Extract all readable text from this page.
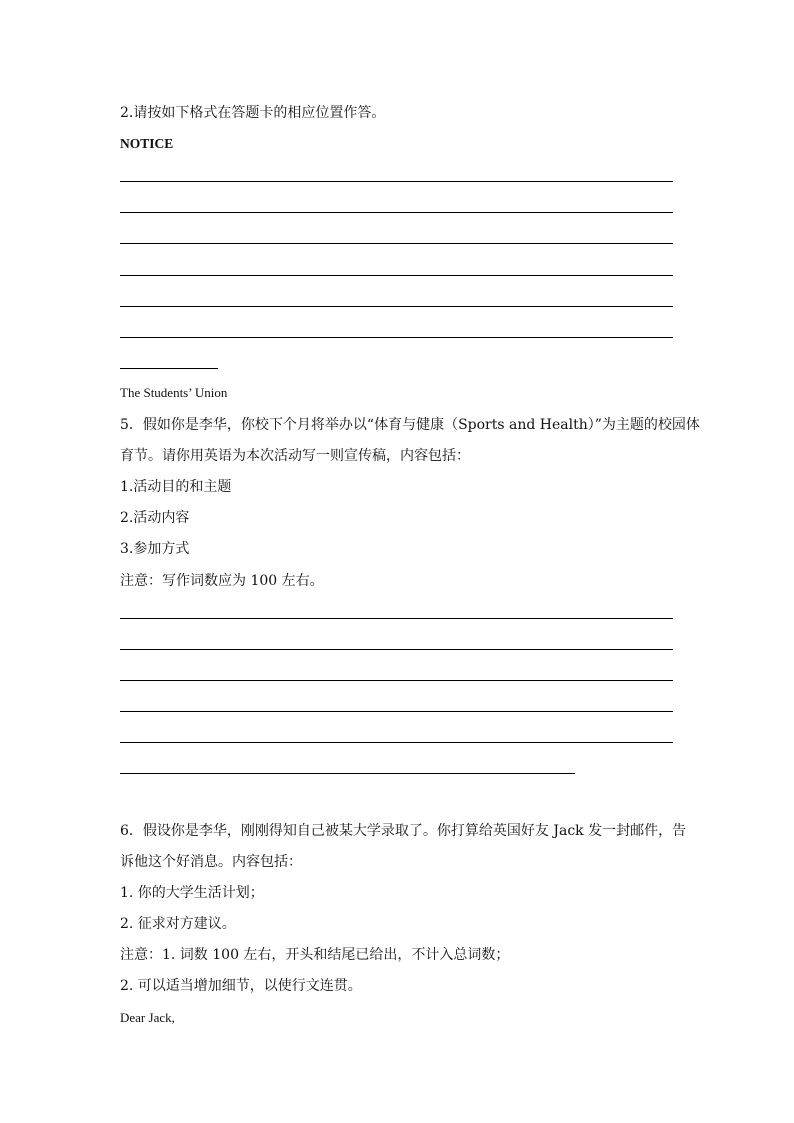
2.请按如下格式在答题卡的相应位置作答。
NOTICE
The Students’ Union
5．假如你是李华，你校下个月将举办以“体育与健康（Sports and Health）”为主题的校园体
育节。请你用英语为本次活动写一则宣传稿，内容包括：
1.活动目的和主题
2.活动内容
3.参加方式
注意：写作词数应为 100 左右。
6．假设你是李华，刚刚得知自己被某大学录取了。你打算给英国好友 Jack 发一封邮件，告
诉他这个好消息。内容包括：
1. 你的大学生活计划；
2. 征求对方建议。
注意：1. 词数 100 左右，开头和结尾已给出，不计入总词数；
2. 可以适当增加细节，以使行文连贯。
Dear Jack,
